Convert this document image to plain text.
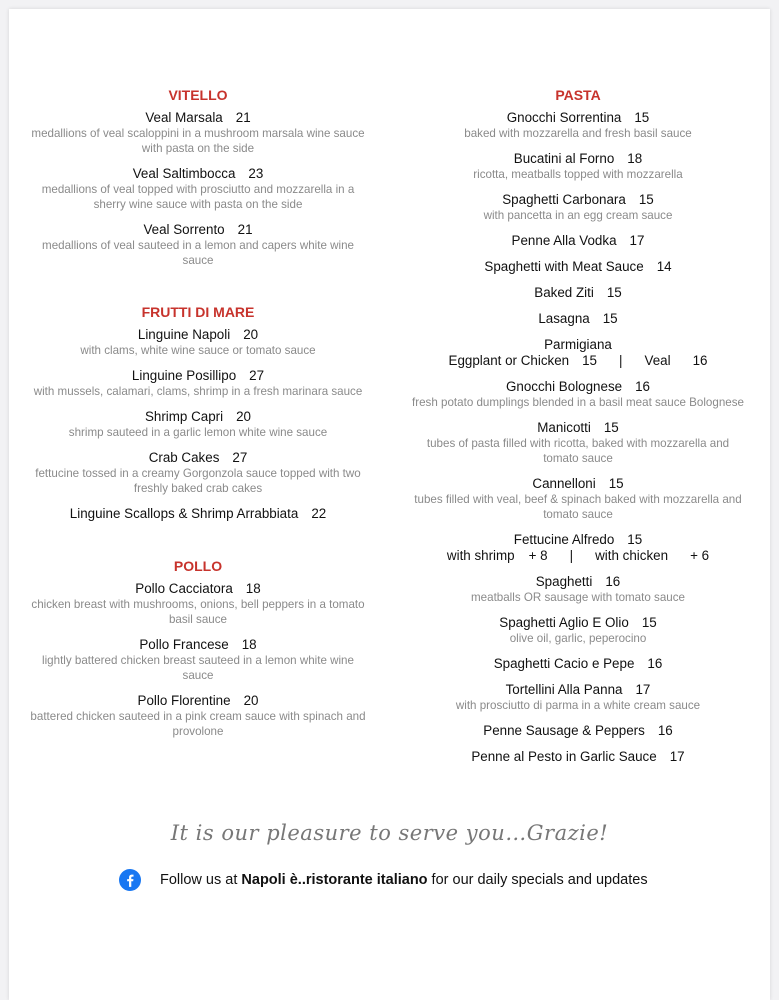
VITELLO
Veal Marsala 21
medallions of veal scaloppini in a mushroom marsala wine sauce with pasta on the side
Veal Saltimbocca 23
medallions of veal topped with prosciutto and mozzarella in a sherry wine sauce with pasta on the side
Veal Sorrento 21
medallions of veal sauteed in a lemon and capers white wine sauce
FRUTTI DI MARE
Linguine Napoli 20
with clams, white wine sauce or tomato sauce
Linguine Posillipo 27
with mussels, calamari, clams, shrimp in a fresh marinara sauce
Shrimp Capri 20
shrimp sauteed in a garlic lemon white wine sauce
Crab Cakes 27
fettucine tossed in a creamy Gorgonzola sauce topped with two freshly baked crab cakes
Linguine Scallops & Shrimp Arrabbiata 22
POLLO
Pollo Cacciatora 18
chicken breast with mushrooms, onions, bell peppers in a tomato basil sauce
Pollo Francese 18
lightly battered chicken breast sauteed in a lemon white wine sauce
Pollo Florentine 20
battered chicken sauteed in a pink cream sauce with spinach and provolone
PASTA
Gnocchi Sorrentina 15
baked with mozzarella and fresh basil sauce
Bucatini al Forno 18
ricotta, meatballs topped with mozzarella
Spaghetti Carbonara 15
with pancetta in an egg cream sauce
Penne Alla Vodka 17
Spaghetti with Meat Sauce 14
Baked Ziti 15
Lasagna 15
Parmigiana
Eggplant or Chicken 15 | Veal 16
Gnocchi Bolognese 16
fresh potato dumplings blended in a basil meat sauce Bolognese
Manicotti 15
tubes of pasta filled with ricotta, baked with mozzarella and tomato sauce
Cannelloni 15
tubes filled with veal, beef & spinach baked with mozzarella and tomato sauce
Fettucine Alfredo 15
with shrimp + 8 | with chicken + 6
Spaghetti 16
meatballs OR sausage with tomato sauce
Spaghetti Aglio E Olio 15
olive oil, garlic, peperocino
Spaghetti Cacio e Pepe 16
Tortellini Alla Panna 17
with prosciutto di parma in a white cream sauce
Penne Sausage & Peppers 16
Penne al Pesto in Garlic Sauce 17
It is our pleasure to serve you…Grazie!
Follow us at Napoli è..ristorante italiano for our daily specials and updates
